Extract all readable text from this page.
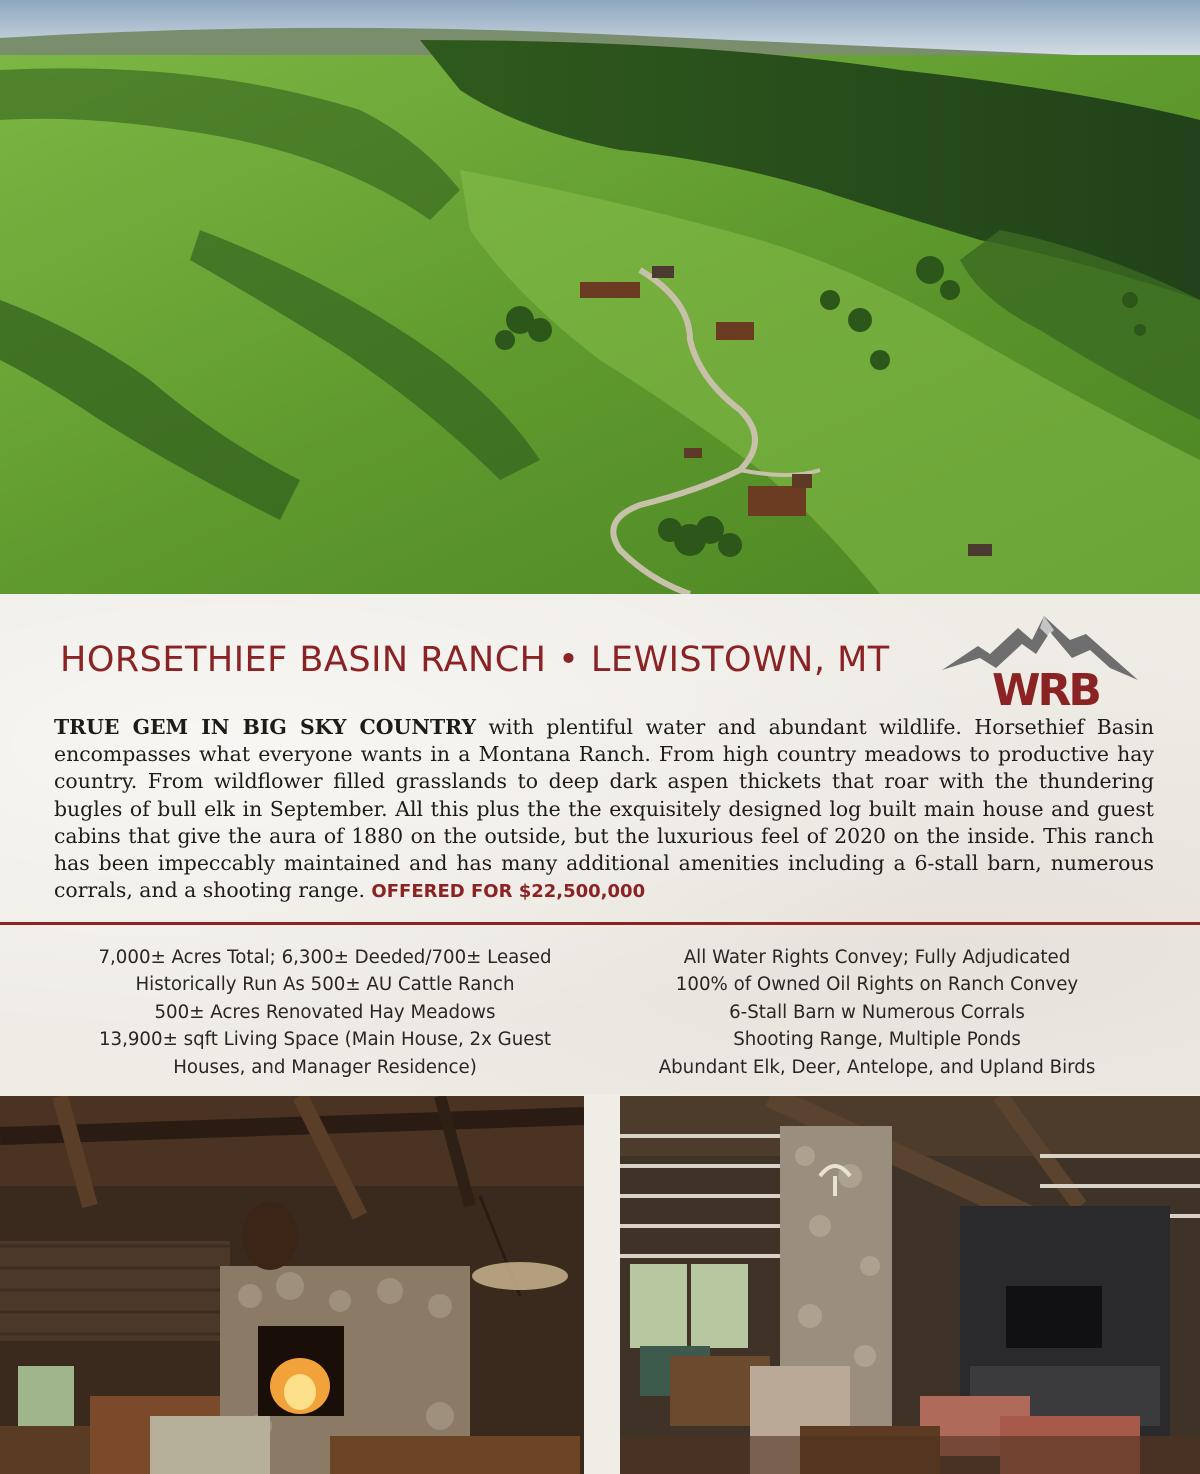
HORSETHIEF BASIN RANCH • LEWISTOWN, MT
WRB

TRUE GEM IN BIG SKY COUNTRY with plentiful water and abundant wildlife. Horsethief Basin encompasses what everyone wants in a Montana Ranch. From high country meadows to productive hay country. From wildflower filled grasslands to deep dark aspen thickets that roar with the thundering bugles of bull elk in September. All this plus the the exquisitely designed log built main house and guest cabins that give the aura of 1880 on the outside, but the luxurious feel of 2020 on the inside. This ranch has been impeccably maintained and has many additional amenities including a 6-stall barn, numerous corrals, and a shooting range. OFFERED FOR $22,500,000

7,000± Acres Total; 6,300± Deeded/700± Leased
Historically Run As 500± AU Cattle Ranch
500± Acres Renovated Hay Meadows
13,900± sqft Living Space (Main House, 2x Guest Houses, and Manager Residence)
All Water Rights Convey; Fully Adjudicated
100% of Owned Oil Rights on Ranch Convey
6-Stall Barn w Numerous Corrals
Shooting Range, Multiple Ponds
Abundant Elk, Deer, Antelope, and Upland Birds
